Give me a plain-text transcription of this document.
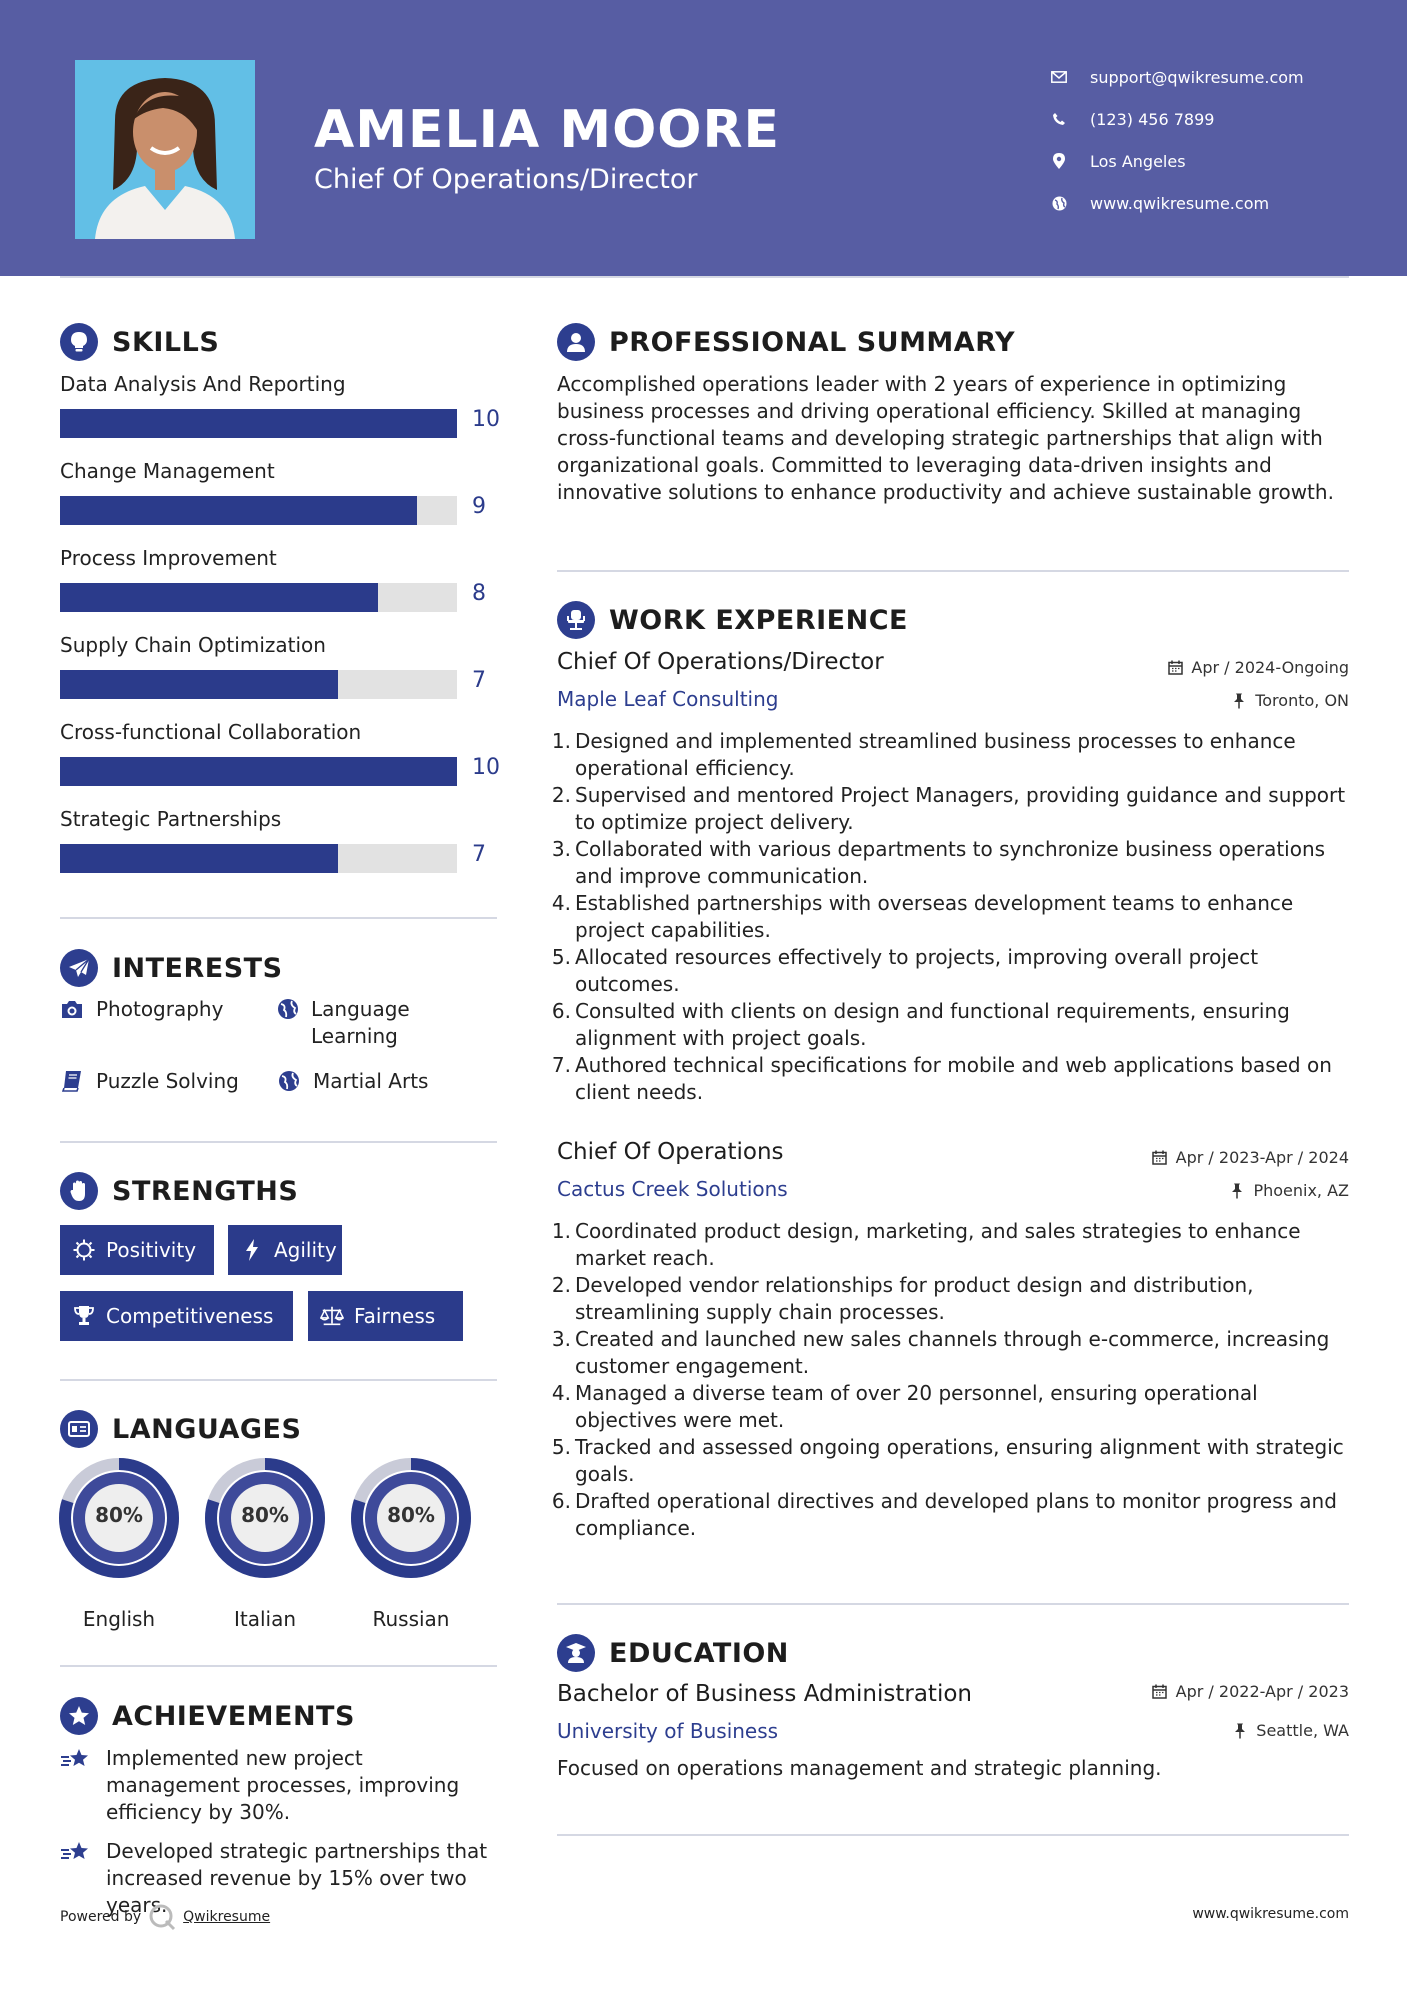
AMELIA MOORE
Chief Of Operations/Director
support@qwikresume.com
(123) 456 7899
Los Angeles
www.qwikresume.com
SKILLS
Data Analysis And Reporting
10
Change Management
9
Process Improvement
8
Supply Chain Optimization
7
Cross-functional Collaboration
10
Strategic Partnerships
7
INTERESTS
Photography	Language Learning
Puzzle Solving	Martial Arts
STRENGTHS
Positivity	Agility
Competitiveness	Fairness
LANGUAGES
80%
English
80%
Italian
80%
Russian
ACHIEVEMENTS
Implemented new project management processes, improving efficiency by 30%.
Developed strategic partnerships that increased revenue by 15% over two years.
PROFESSIONAL SUMMARY
Accomplished operations leader with 2 years of experience in optimizing business processes and driving operational efficiency. Skilled at managing cross-functional teams and developing strategic partnerships that align with organizational goals. Committed to leveraging data-driven insights and innovative solutions to enhance productivity and achieve sustainable growth.
WORK EXPERIENCE
Chief Of Operations/Director	Apr / 2024-Ongoing
Maple Leaf Consulting	Toronto, ON
1. Designed and implemented streamlined business processes to enhance operational efficiency.
2. Supervised and mentored Project Managers, providing guidance and support to optimize project delivery.
3. Collaborated with various departments to synchronize business operations and improve communication.
4. Established partnerships with overseas development teams to enhance project capabilities.
5. Allocated resources effectively to projects, improving overall project outcomes.
6. Consulted with clients on design and functional requirements, ensuring alignment with project goals.
7. Authored technical specifications for mobile and web applications based on client needs.
Chief Of Operations	Apr / 2023-Apr / 2024
Cactus Creek Solutions	Phoenix, AZ
1. Coordinated product design, marketing, and sales strategies to enhance market reach.
2. Developed vendor relationships for product design and distribution, streamlining supply chain processes.
3. Created and launched new sales channels through e-commerce, increasing customer engagement.
4. Managed a diverse team of over 20 personnel, ensuring operational objectives were met.
5. Tracked and assessed ongoing operations, ensuring alignment with strategic goals.
6. Drafted operational directives and developed plans to monitor progress and compliance.
EDUCATION
Bachelor of Business Administration	Apr / 2022-Apr / 2023
University of Business	Seattle, WA
Focused on operations management and strategic planning.
Powered by	Qwikresume	www.qwikresume.com
